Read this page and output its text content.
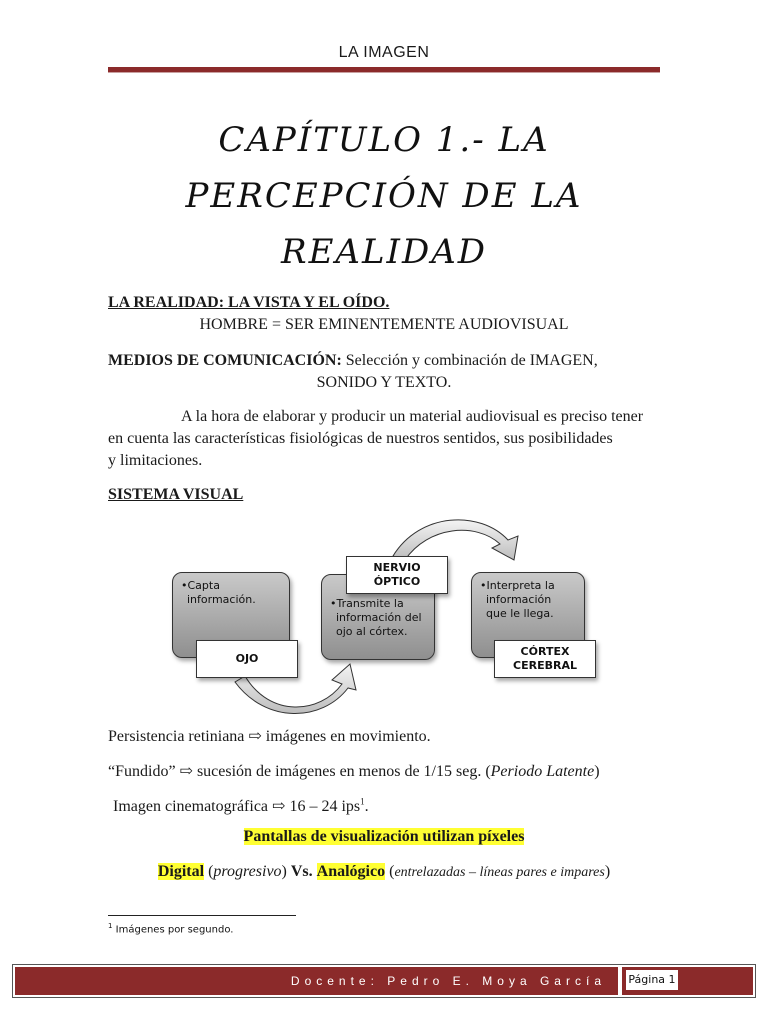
LA IMAGEN
CAPÍTULO 1.- LA
PERCEPCIÓN DE LA
REALIDAD
LA REALIDAD: LA VISTA Y EL OÍDO.
HOMBRE = SER EMINENTEMENTE AUDIOVISUAL
MEDIOS DE COMUNICACIÓN: Selección y combinación de IMAGEN,
SONIDO Y TEXTO.
A la hora de elaborar y producir un material audiovisual es preciso tener
en cuenta las características fisiológicas de nuestros sentidos, sus posibilidades
y limitaciones.
SISTEMA VISUAL
•Capta
información.
OJO
•Transmite la
información del
ojo al córtex.
NERVIO
ÓPTICO	•Interpreta la
información
que le llega.
CÓRTEX
CEREBRAL
Persistencia retiniana ⇨ imágenes en movimiento.
“Fundido” ⇨ sucesión de imágenes en menos de 1/15 seg. (Periodo Latente)
Imagen cinematográfica ⇨ 16 – 24 ips$^1$.
Pantallas de visualización utilizan píxeles
Digital (progresivo) Vs. Analógico (entrelazadas – líneas pares e impares)
$^1$ Imágenes por segundo.
Docente: Pedro E. Moya García	Página 1
